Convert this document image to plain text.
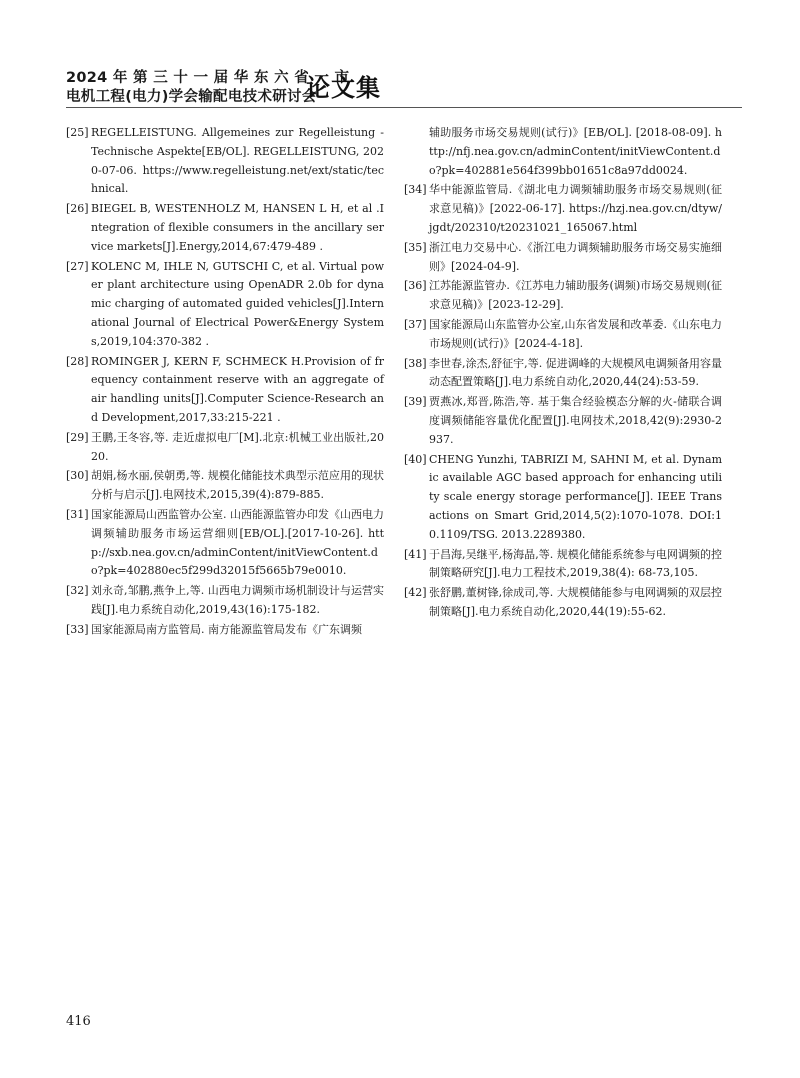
2024 年 第 三 十 一 届 华 东 六 省 一 市
电机工程(电力)学会输配电技术研讨会
论文集
[25] REGELLEISTUNG. Allgemeines zur Regelleistung -Technische Aspekte[EB/OL]. REGELLEISTUNG, 2020-07-06. https://www.regelleistung.net/ext/static/technical.
[26] BIEGEL B, WESTENHOLZ M, HANSEN L H, et al .Integration of flexible consumers in the ancillary service markets[J].Energy,2014,67:479-489 .
[27] KOLENC M, IHLE N, GUTSCHI C, et al. Virtual power plant architecture using OpenADR 2.0b for dynamic charging of automated guided vehicles[J].International Journal of Electrical Power&Energy Systems,2019,104:370-382 .
[28] ROMINGER J, KERN F, SCHMECK H.Provision of frequency containment reserve with an aggregate of air handling units[J].Computer Science-Research and Development,2017,33:215-221 .
[29] 王鹏,王冬容,等. 走近虚拟电厂[M].北京:机械工业出版社,2020.
[30] 胡娟,杨水丽,侯朝勇,等. 规模化储能技术典型示范应用的现状分析与启示[J].电网技术,2015,39(4):879-885.
[31] 国家能源局山西监管办公室. 山西能源监管办印发《山西电力调频辅助服务市场运营细则[EB/OL].[2017-10-26]. http://sxb.nea.gov.cn/adminContent/initViewContent.do?pk=402880ec5f299d32015f5665b79e0010.
[32] 刘永奇,邹鹏,燕争上,等. 山西电力调频市场机制设计与运营实践[J].电力系统自动化,2019,43(16):175-182.
[33] 国家能源局南方监管局. 南方能源监管局发布《广东调频
辅助服务市场交易规则(试行)》[EB/OL]. [2018-08-09]. http://nfj.nea.gov.cn/adminContent/initViewContent.do?pk=402881e564f399bb01651c8a97dd0024.
[34] 华中能源监管局.《湖北电力调频辅助服务市场交易规则(征求意见稿)》[2022-06-17]. https://hzj.nea.gov.cn/dtyw/jgdt/202310/t20231021_165067.html
[35] 浙江电力交易中心.《浙江电力调频辅助服务市场交易实施细则》[2024-04-9].
[36] 江苏能源监管办.《江苏电力辅助服务(调频)市场交易规则(征求意见稿)》[2023-12-29].
[37] 国家能源局山东监管办公室,山东省发展和改革委.《山东电力市场规则(试行)》[2024-4-18].
[38] 李世春,涂杰,舒征宇,等. 促进调峰的大规模风电调频备用容量动态配置策略[J].电力系统自动化,2020,44(24):53-59.
[39] 贾燕冰,郑晋,陈浩,等. 基于集合经验模态分解的火-储联合调度调频储能容量优化配置[J].电网技术,2018,42(9):2930-2937.
[40] CHENG Yunzhi, TABRIZI M, SAHNI M, et al. Dynamic available AGC based approach for enhancing utility scale energy storage performance[J]. IEEE Transactions on Smart Grid,2014,5(2):1070-1078. DOI:10.1109/TSG. 2013.2289380.
[41] 于昌海,吴继平,杨海晶,等. 规模化储能系统参与电网调频的控制策略研究[J].电力工程技术,2019,38(4): 68-73,105.
[42] 张舒鹏,董树锋,徐成司,等. 大规模储能参与电网调频的双层控制策略[J].电力系统自动化,2020,44(19):55-62.
416
